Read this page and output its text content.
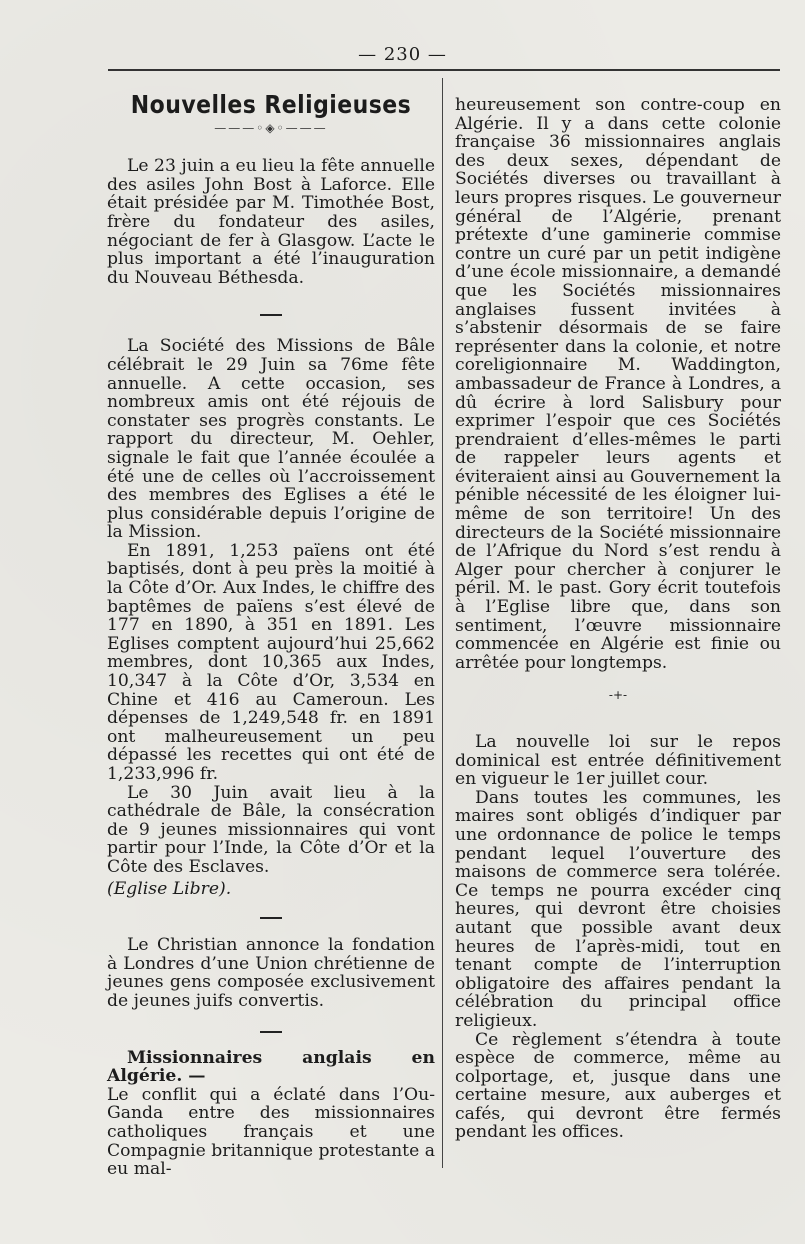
— 230 —
Nouvelles Religieuses
———◦◈◦———

Le 23 juin a eu lieu la fête annuelle des asiles John Bost à Laforce. Elle était présidée par M. Timothée Bost, frère du fondateur des asiles, négociant de fer à Glasgow. L’acte le plus important a été l’inauguration du Nouveau Béthesda.

La Société des Missions de Bâle célébrait le 29 Juin sa 76me fête annuelle. A cette occasion, ses nombreux amis ont été réjouis de constater ses progrès constants. Le rapport du directeur, M. Oehler, signale le fait que l’année écoulée a été une de celles où l’accroissement des membres des Eglises a été le plus considérable depuis l’origine de la Mission.

En 1891, 1,253 païens ont été baptisés, dont à peu près la moitié à la Côte d’Or. Aux Indes, le chiffre des baptêmes de païens s’est élevé de 177 en 1890, à 351 en 1891. Les Eglises comptent aujourd’hui 25,662 membres, dont 10,365 aux Indes, 10,347 à la Côte d’Or, 3,534 en Chine et 416 au Cameroun. Les dépenses de 1,249,548 fr. en 1891 ont malheureusement un peu dépassé les recettes qui ont été de 1,233,996 fr.

Le 30 Juin avait lieu à la cathédrale de Bâle, la consécration de 9 jeunes missionnaires qui vont partir pour l’Inde, la Côte d’Or et la Côte des Esclaves.

(Eglise Libre).

Le Christian annonce la fondation à Londres d’une Union chrétienne de jeunes gens composée exclusivement de jeunes juifs convertis.

Missionnaires anglais en Algérie. —

Le conflit qui a éclaté dans l’Ou-Ganda entre des missionnaires catholiques français et une Compagnie britannique protestante a eu mal-

heureusement son contre-coup en Algérie. Il y a dans cette colonie française 36 missionnaires anglais des deux sexes, dépendant de Sociétés diverses ou travaillant à leurs propres risques. Le gouverneur général de l’Algérie, prenant prétexte d’une gaminerie commise contre un curé par un petit indigène d’une école missionnaire, a demandé que les Sociétés missionnaires anglaises fussent invitées à s’abstenir désormais de se faire représenter dans la colonie, et notre coreligionnaire M. Waddington, ambassadeur de France à Londres, a dû écrire à lord Salisbury pour exprimer l’espoir que ces Sociétés prendraient d’elles-mêmes le parti de rappeler leurs agents et éviteraient ainsi au Gouvernement la pénible nécessité de les éloigner lui-même de son territoire! Un des directeurs de la Société missionnaire de l’Afrique du Nord s’est rendu à Alger pour chercher à conjurer le péril. M. le past. Gory écrit toutefois à l’Eglise libre que, dans son sentiment, l’œuvre missionnaire commencée en Algérie est finie ou arrêtée pour longtemps.

-+-

La nouvelle loi sur le repos dominical est entrée définitivement en vigueur le 1er juillet cour.

Dans toutes les communes, les maires sont obligés d’indiquer par une ordonnance de police le temps pendant lequel l’ouverture des maisons de commerce sera tolérée. Ce temps ne pourra excéder cinq heures, qui devront être choisies autant que possible avant deux heures de l’après-midi, tout en tenant compte de l’interruption obligatoire des affaires pendant la célébration du principal office religieux.

Ce règlement s’étendra à toute espèce de commerce, même au colportage, et, jusque dans une certaine mesure, aux auberges et cafés, qui devront être fermés pendant les offices.
